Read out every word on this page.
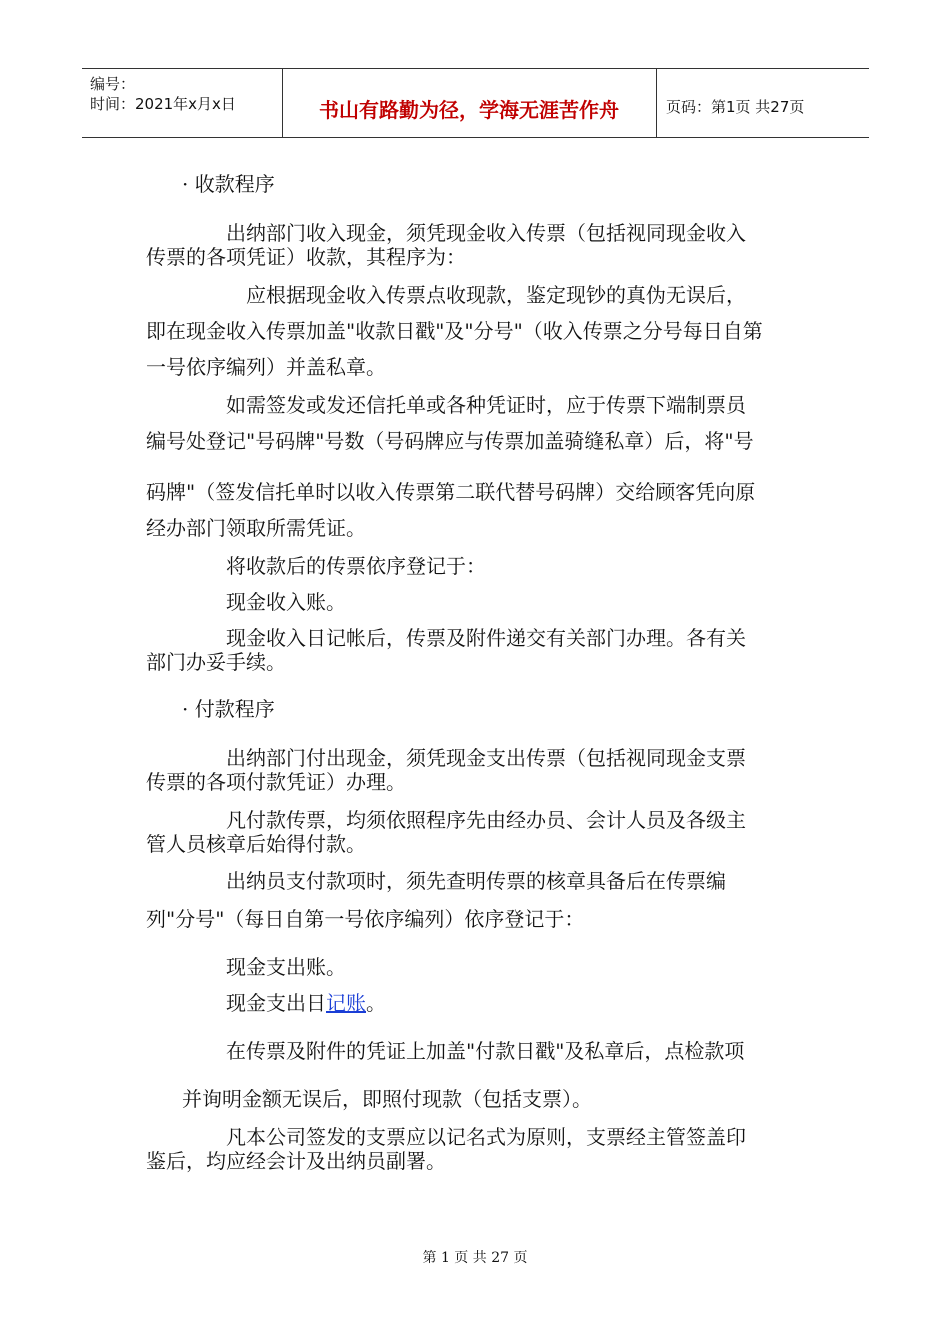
编号：
时间：2021年x月x日	书山有路勤为径，学海无涯苦作舟	页码：第1页 共27页
· 收款程序
出纳部门收入现金，须凭现金收入传票（包括视同现金收入
传票的各项凭证）收款，其程序为：
应根据现金收入传票点收现款，鉴定现钞的真伪无误后，
即在现金收入传票加盖"收款日戳"及"分号"（收入传票之分号每日自第
一号依序编列）并盖私章。
如需签发或发还信托单或各种凭证时，应于传票下端制票员
编号处登记"号码牌"号数（号码牌应与传票加盖骑缝私章）后，将"号
码牌"（签发信托单时以收入传票第二联代替号码牌）交给顾客凭向原
经办部门领取所需凭证。
将收款后的传票依序登记于：
现金收入账。
现金收入日记帐后，传票及附件递交有关部门办理。各有关
部门办妥手续。
· 付款程序
出纳部门付出现金，须凭现金支出传票（包括视同现金支票
传票的各项付款凭证）办理。
凡付款传票，均须依照程序先由经办员、会计人员及各级主
管人员核章后始得付款。
出纳员支付款项时，须先查明传票的核章具备后在传票编
列"分号"（每日自第一号依序编列）依序登记于：
现金支出账。
现金支出日记账。
在传票及附件的凭证上加盖"付款日戳"及私章后，点检款项
并询明金额无误后，即照付现款（包括支票）。
凡本公司签发的支票应以记名式为原则，支票经主管签盖印
鉴后，均应经会计及出纳员副署。
第 1 页 共 27 页
